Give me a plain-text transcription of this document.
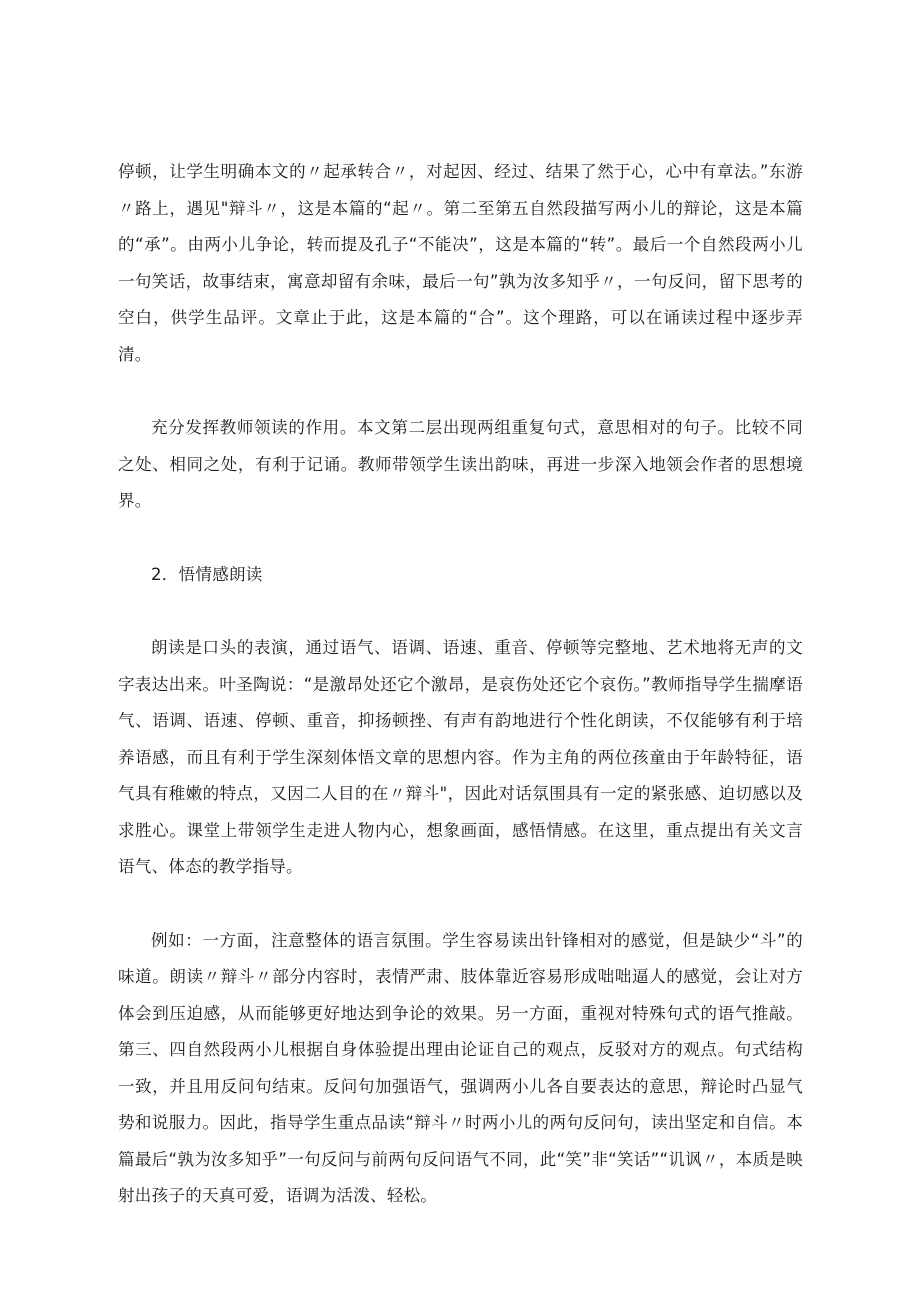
停顿，让学生明确本文的〃起承转合〃，对起因、经过、结果了然于心，心中有章法。”东游〃路上，遇见"辩斗〃，这是本篇的“起〃。第二至第五自然段描写两小儿的辩论，这是本篇的“承”。由两小儿争论，转而提及孔子“不能决”，这是本篇的“转”。最后一个自然段两小儿一句笑话，故事结束，寓意却留有余味，最后一句”孰为汝多知乎〃，一句反问，留下思考的空白，供学生品评。文章止于此，这是本篇的“合”。这个理路，可以在诵读过程中逐步弄清。

充分发挥教师领读的作用。本文第二层出现两组重复句式，意思相对的句子。比较不同之处、相同之处，有利于记诵。教师带领学生读出韵味，再进一步深入地领会作者的思想境界。

2．悟情感朗读

朗读是口头的表演，通过语气、语调、语速、重音、停顿等完整地、艺术地将无声的文字表达出来。叶圣陶说：“是激昂处还它个激昂，是哀伤处还它个哀伤。”教师指导学生揣摩语气、语调、语速、停顿、重音，抑扬顿挫、有声有韵地进行个性化朗读，不仅能够有利于培养语感，而且有利于学生深刻体悟文章的思想内容。作为主角的两位孩童由于年龄特征，语气具有稚嫩的特点，又因二人目的在〃辩斗"，因此对话氛围具有一定的紧张感、迫切感以及求胜心。课堂上带领学生走进人物内心，想象画面，感悟情感。在这里，重点提出有关文言语气、体态的教学指导。

例如：一方面，注意整体的语言氛围。学生容易读出针锋相对的感觉，但是缺少“斗”的味道。朗读〃辩斗〃部分内容时，表情严肃、肢体靠近容易形成咄咄逼人的感觉，会让对方体会到压迫感，从而能够更好地达到争论的效果。另一方面，重视对特殊句式的语气推敲。第三、四自然段两小儿根据自身体验提出理由论证自己的观点，反驳对方的观点。句式结构一致，并且用反问句结束。反问句加强语气，强调两小儿各自要表达的意思，辩论时凸显气势和说服力。因此，指导学生重点品读“辩斗〃时两小儿的两句反问句，读出坚定和自信。本篇最后“孰为汝多知乎”一句反问与前两句反问语气不同，此“笑”非“笑话”“讥讽〃，本质是映射出孩子的天真可爱，语调为活泼、轻松。
